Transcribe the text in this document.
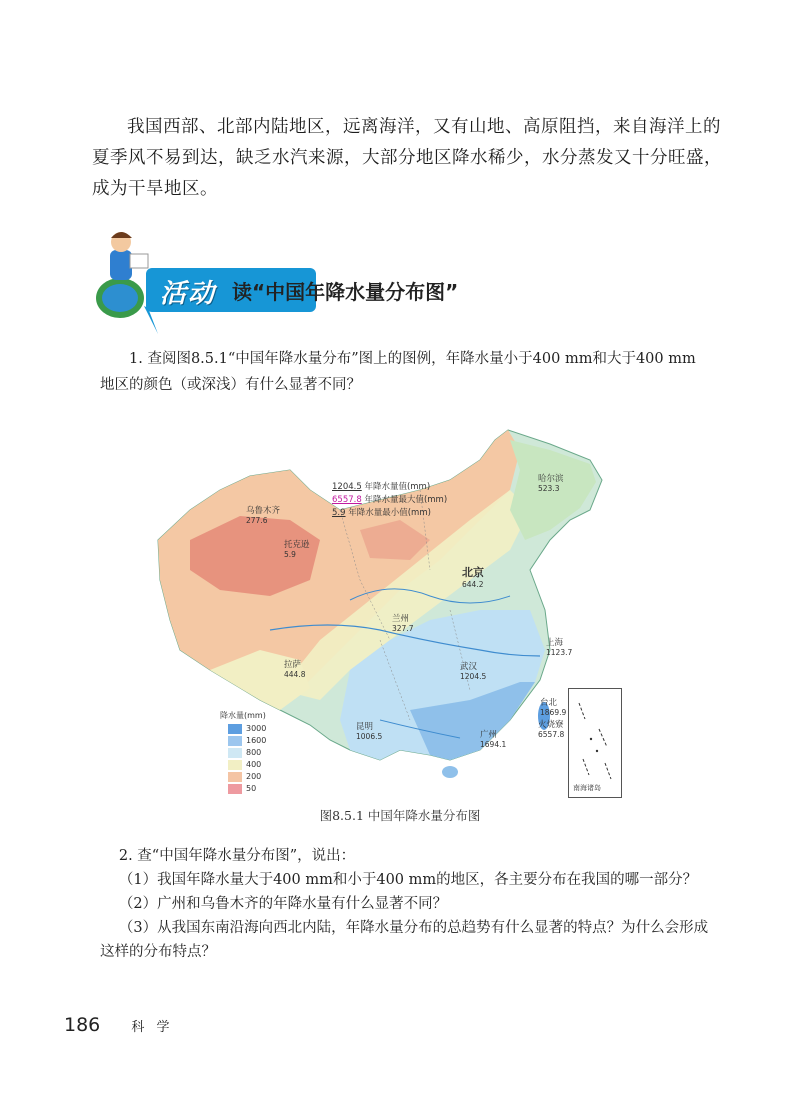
我国西部、北部内陆地区，远离海洋，又有山地、高原阻挡，来自海洋上的夏季风不易到达，缺乏水汽来源，大部分地区降水稀少，水分蒸发又十分旺盛，成为干旱地区。

活动 读“中国年降水量分布图”

1. 查阅图8.5.1“中国年降水量分布”图上的图例，年降水量小于400 mm和大于400 mm地区的颜色（或深浅）有什么显著不同？

1204.5 年降水量值(mm)
6557.8 年降水量最大值(mm)
5.9 年降水量最小值(mm)
降水量(mm)
3000
1600
800
400
200
50
哈尔滨
523.3
乌鲁木齐
277.6
托克逊
5.9
北京
644.2
兰州
327.7
上海
1123.7
拉萨
444.8
武汉
1204.5
台北
1869.9
火烧寮
6557.8
昆明
1006.5	广州
1694.1
南海诸岛
图8.5.1 中国年降水量分布图

2. 查“中国年降水量分布图”，说出：

（1）我国年降水量大于400 mm和小于400 mm的地区，各主要分布在我国的哪一部分？

（2）广州和乌鲁木齐的年降水量有什么显著不同？

（3）从我国东南沿海向西北内陆，年降水量分布的总趋势有什么显著的特点？为什么会形成这样的分布特点？

186 科 学
